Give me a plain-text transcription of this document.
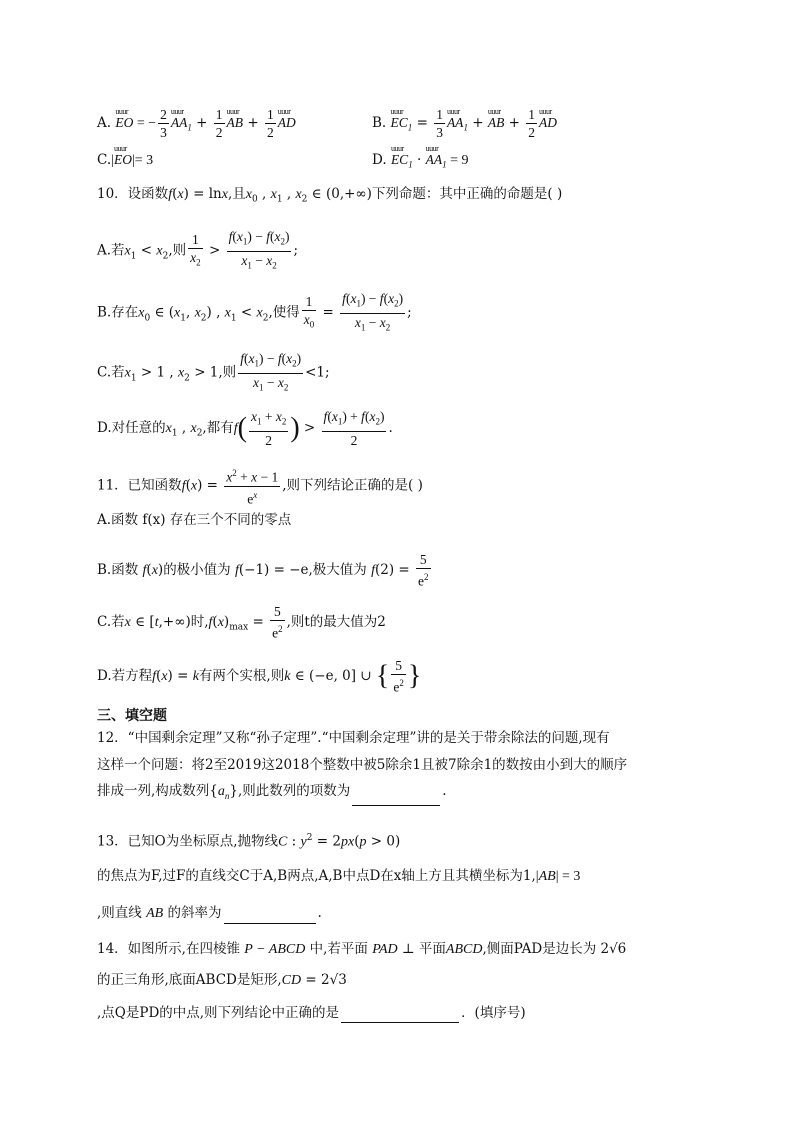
A. uuur EO = − $\frac{2}{3}$ uuur $AA_1 + \frac{1}{2}$ uuur AB + $\frac{1}{2}$ uuur AD	B. uuur $EC_1 = \frac{1}{3}$ uuur $AA_1$ + uuur AB + $\frac{1}{2}$ uuur AD
C.|uuur EO|= 3	D. uuur $EC_1$ · uuur $AA_1 = 9$
10．设函数f(x) = lnx,且$x_0$ , $x_1$ , $x_2$ ∈ (0,+∞)下列命题：其中正确的命题是( )
A.若$x_1 < x_2$,则 $\frac{1}{x_2} > \frac{f(x_1) - f(x_2)}{x_1 - x_2}$ ;
B.存在$x_0$ ∈ ($x_1$, $x_2$) , $x_1 < x_2$,使得 $\frac{1}{x_0} = \frac{f(x_1) - f(x_2)}{x_1 - x_2}$ ;
C.若$x_1 > 1$ , $x_2 > 1$,则 $\frac{f(x_1) - f(x_2)}{x_1 - x_2} <1$;
D.对任意的$x_1$ , $x_2$,都有$f( \frac{x_1 + x_2}{2}$ ) > $\frac{f(x_1) + f(x_2)}{2}$ .
11．已知函数$f(x) = \frac{x^2 + x - 1}{e^x}$ ,则下列结论正确的是( )
A.函数 f(x) 存在三个不同的零点
B.函数 f(x)的极小值为 f(−1) = −e,极大值为 $f(2) = \frac{5}{e^2}$
C.若x ∈ [t,+∞)时$,f(x)_{max} = \frac{5}{e^2}$ ,则t的最大值为2
D.若方程f(x) = k有两个实根,则k ∈ (−e, 0] ∪ { $\frac{5}{e^2}$ }
三、填空题
12．“中国剩余定理”又称“孙子定理”.“中国剩余定理”讲的是关于带余除法的问题,现有
这样一个问题：将2至2019这2018个整数中被5除余1且被7除余1的数按由小到大的顺序
排成一列,构成数列$\{a_n\}$,则此数列的项数为	.
13．已知O为坐标原点,抛物线C : $y^2 = 2px(p > 0)$
的焦点为F,过F的直线交C于A,B两点,A,B中点D在x轴上方且其横坐标为1,|AB| = 3
,则直线 AB 的斜率为	.
14．如图所示,在四棱锥 P − ABCD 中,若平面 PAD ⊥ 平面ABCD,侧面PAD是边长为 2√6
的正三角形,底面ABCD是矩形,CD = 2√3
,点Q是PD的中点,则下列结论中正确的是	．(填序号)
